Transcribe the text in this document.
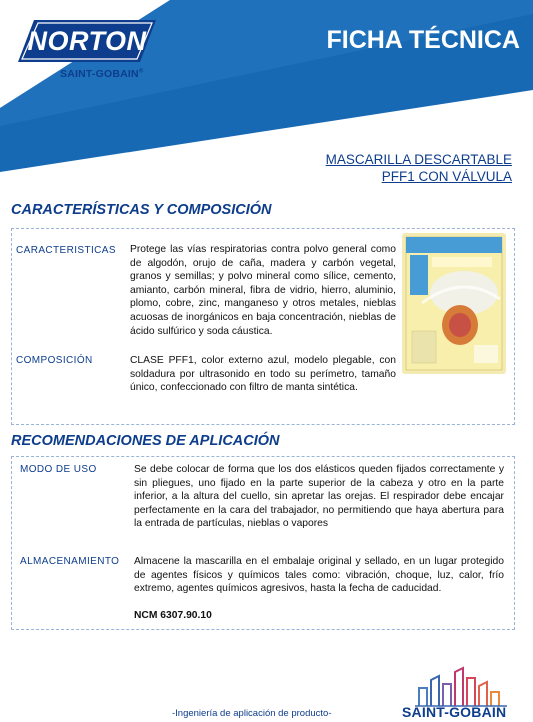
NORTON
SAINT-GOBAIN®
FICHA TÉCNICA
MASCARILLA DESCARTABLE
PFF1 CON VÁLVULA
CARACTERÍSTICAS Y COMPOSICIÓN
CARACTERISTICAS Protege las vías respiratorias contra polvo general como de algodón, orujo de caña, madera y carbón vegetal, granos y semillas; y polvo mineral como sílice, cemento, amianto, carbón mineral, fibra de vidrio, hierro, aluminio, plomo, cobre, zinc, manganeso y otros metales, nieblas acuosas de inorgánicos en baja concentración, nieblas de ácido sulfúrico y soda cáustica.
COMPOSICIÓN	CLASE PFF1, color externo azul, modelo plegable, con soldadura por ultrasonido en todo su perímetro, tamaño único, confeccionado con filtro de manta sintética.
RECOMENDACIONES DE APLICACIÓN
MODO DE USO	Se debe colocar de forma que los dos elásticos queden fijados correctamente y sin pliegues, uno fijado en la parte superior de la cabeza y otro en la parte inferior, a la altura del cuello, sin apretar las orejas. El respirador debe encajar perfectamente en la cara del trabajador, no permitiendo que haya abertura para la entrada de partículas, nieblas o vapores
ALMACENAMIENTO Almacene la mascarilla en el embalaje original y sellado, en un lugar protegido de agentes físicos y químicos tales como: vibración, choque, luz, calor, frío extremo, agentes químicos agresivos, hasta la fecha de caducidad.
NCM 6307.90.10
-Ingeniería de aplicación de producto-	SAINT-GOBAIN
